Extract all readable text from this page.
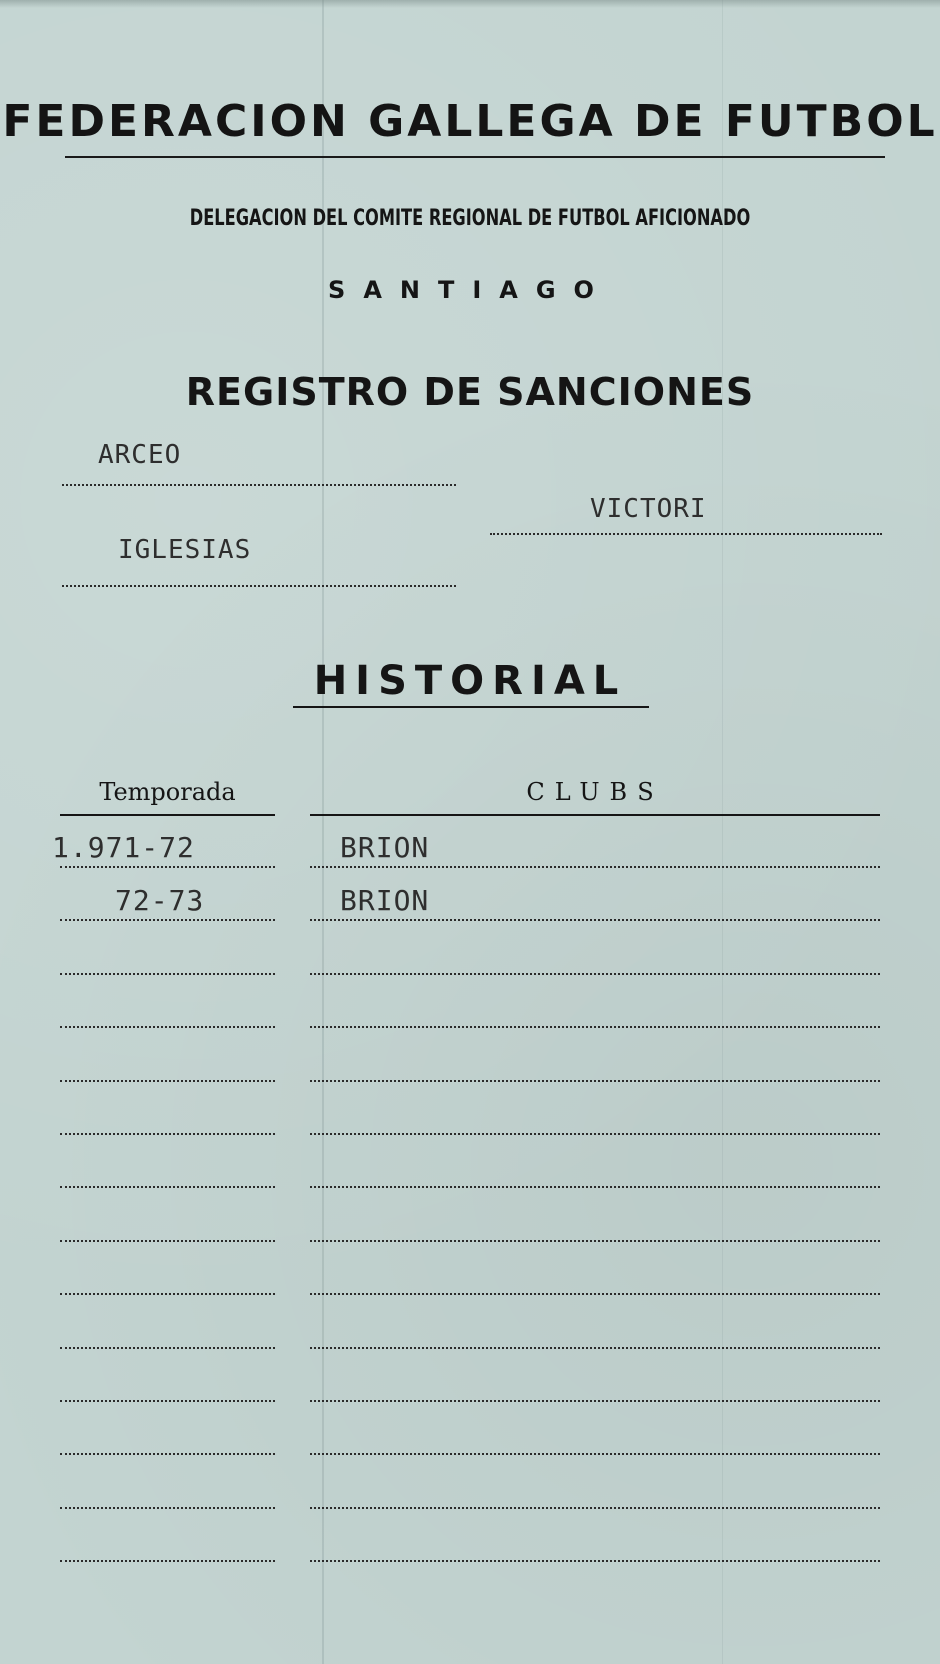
FEDERACION GALLEGA DE FUTBOL
DELEGACION DEL COMITE REGIONAL DE FUTBOL AFICIONADO
SANTIAGO
REGISTRO DE SANCIONES
ARCEO
VICTORI
IGLESIAS
HISTORIAL
Temporada	CLUBS
1.971-72	BRION
72-73	BRION
